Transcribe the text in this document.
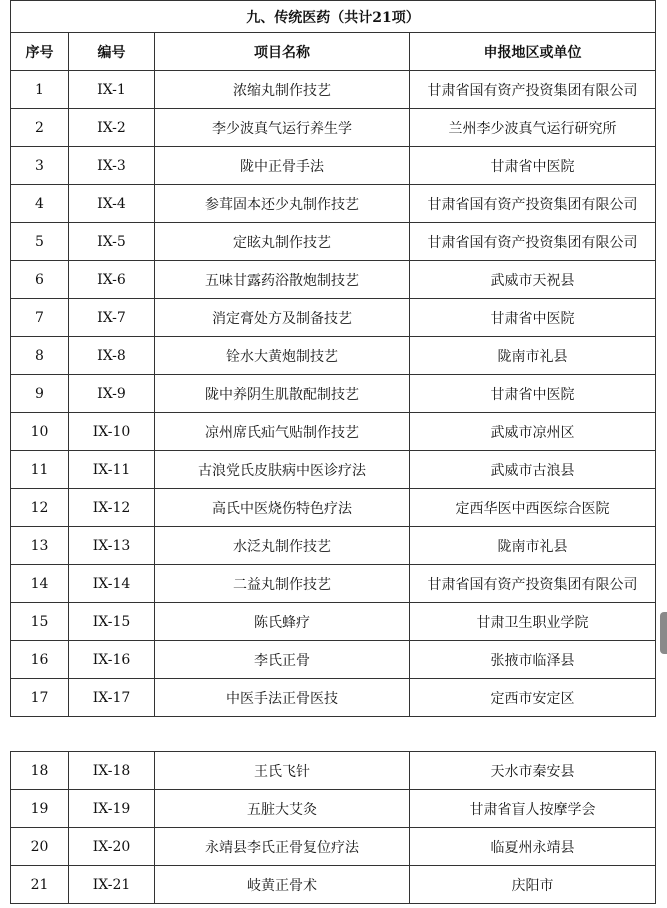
九、传统医药（共计21项）			
序号	编号	项目名称	申报地区或单位
1	IX-1	浓缩丸制作技艺	甘肃省国有资产投资集团有限公司
2	IX-2	李少波真气运行养生学	兰州李少波真气运行研究所
3	IX-3	陇中正骨手法	甘肃省中医院
4	IX-4	参茸固本还少丸制作技艺	甘肃省国有资产投资集团有限公司
5	IX-5	定眩丸制作技艺	甘肃省国有资产投资集团有限公司
6	IX-6	五味甘露药浴散炮制技艺	武威市天祝县
7	IX-7	消定膏处方及制备技艺	甘肃省中医院
8	IX-8	铨水大黄炮制技艺	陇南市礼县
9	IX-9	陇中养阴生肌散配制技艺	甘肃省中医院
10	IX-10	凉州席氏疝气贴制作技艺	武威市凉州区
11	IX-11	古浪党氏皮肤病中医诊疗法	武威市古浪县
12	IX-12	高氏中医烧伤特色疗法	定西华医中西医综合医院
13	IX-13	水泛丸制作技艺	陇南市礼县
14	IX-14	二益丸制作技艺	甘肃省国有资产投资集团有限公司
15	IX-15	陈氏蜂疗	甘肃卫生职业学院
16	IX-16	李氏正骨	张掖市临泽县
17	IX-17	中医手法正骨医技	定西市安定区
18	IX-18	王氏飞针	天水市秦安县
19	IX-19	五脏大艾灸	甘肃省盲人按摩学会
20	IX-20	永靖县李氏正骨复位疗法	临夏州永靖县
21	IX-21	岐黄正骨术	庆阳市
